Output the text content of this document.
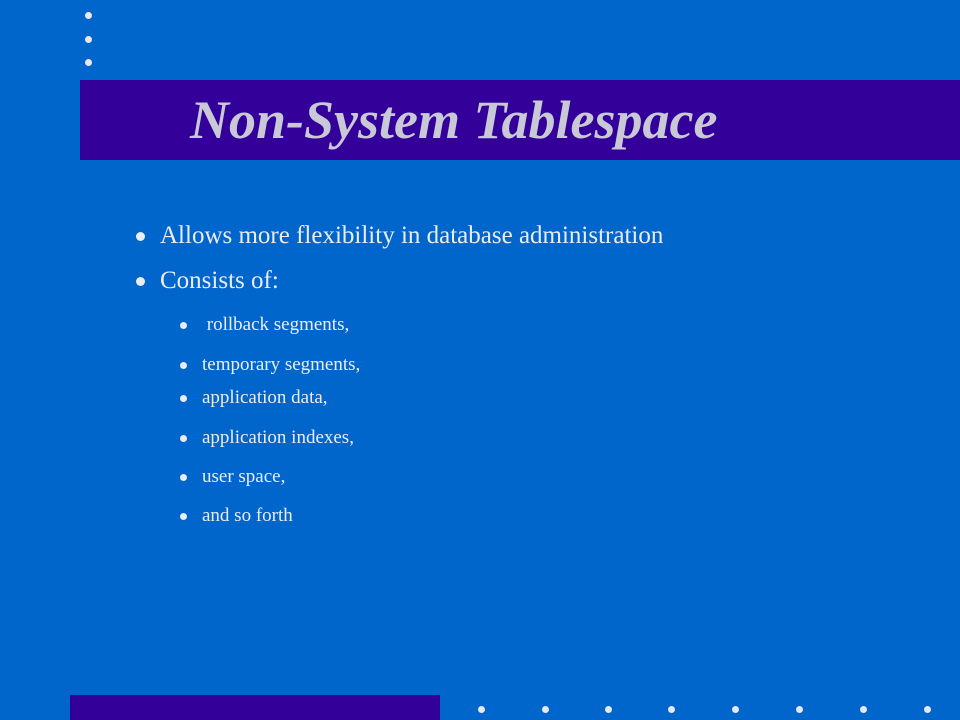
Non-System Tablespace
Allows more flexibility in database administration
Consists of:
rollback segments,
temporary segments,
application data,
application indexes,
user space,
and so forth
